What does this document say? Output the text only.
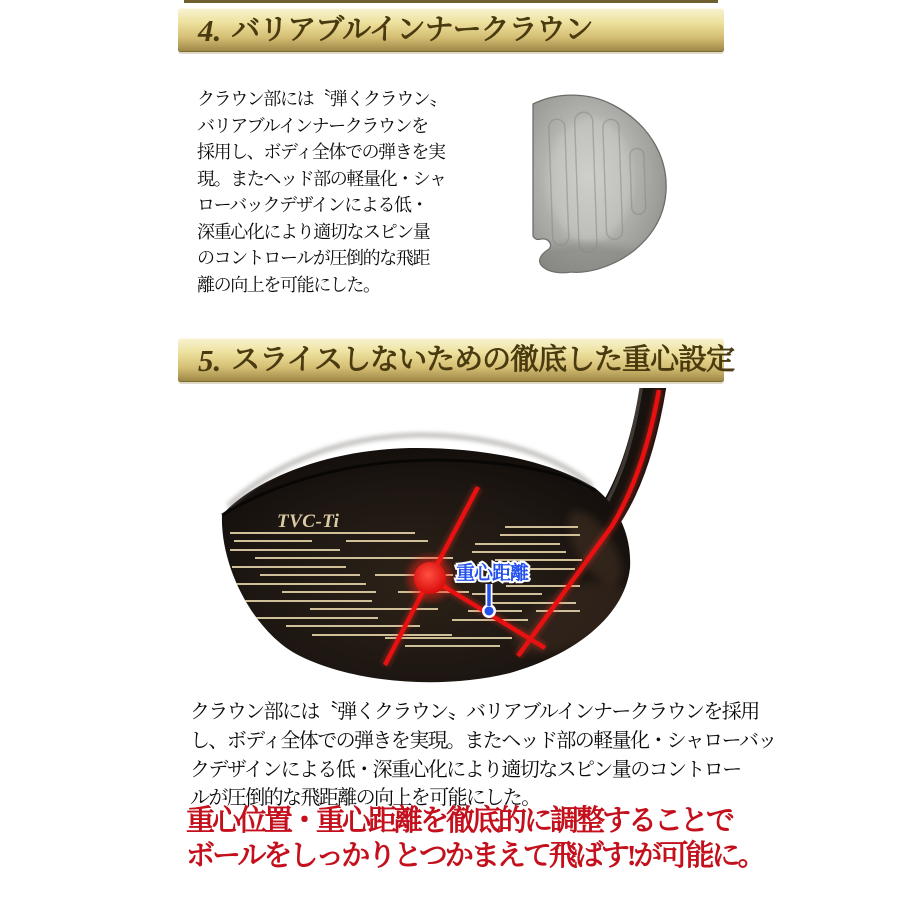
4. バリアブルインナークラウン
クラウン部には〝弾くクラウン〟
バリアブルインナークラウンを
採用し、ボディ全体での弾きを実
現。またヘッド部の軽量化・シャ
ローバックデザインによる低・
深重心化により適切なスピン量
のコントロールが圧倒的な飛距
離の向上を可能にした。
5. スライスしないための徹底した重心設定
TVC-Ti
重心距離
クラウン部には〝弾くクラウン〟バリアブルインナークラウンを採用
し、ボディ全体での弾きを実現。またヘッド部の軽量化・シャローバッ
クデザインによる低・深重心化により適切なスピン量のコントロー
ルが圧倒的な飛距離の向上を可能にした。
重心位置・重心距離を徹底的に調整することで
ボールをしっかりとつかまえて飛ばす!が可能に。
